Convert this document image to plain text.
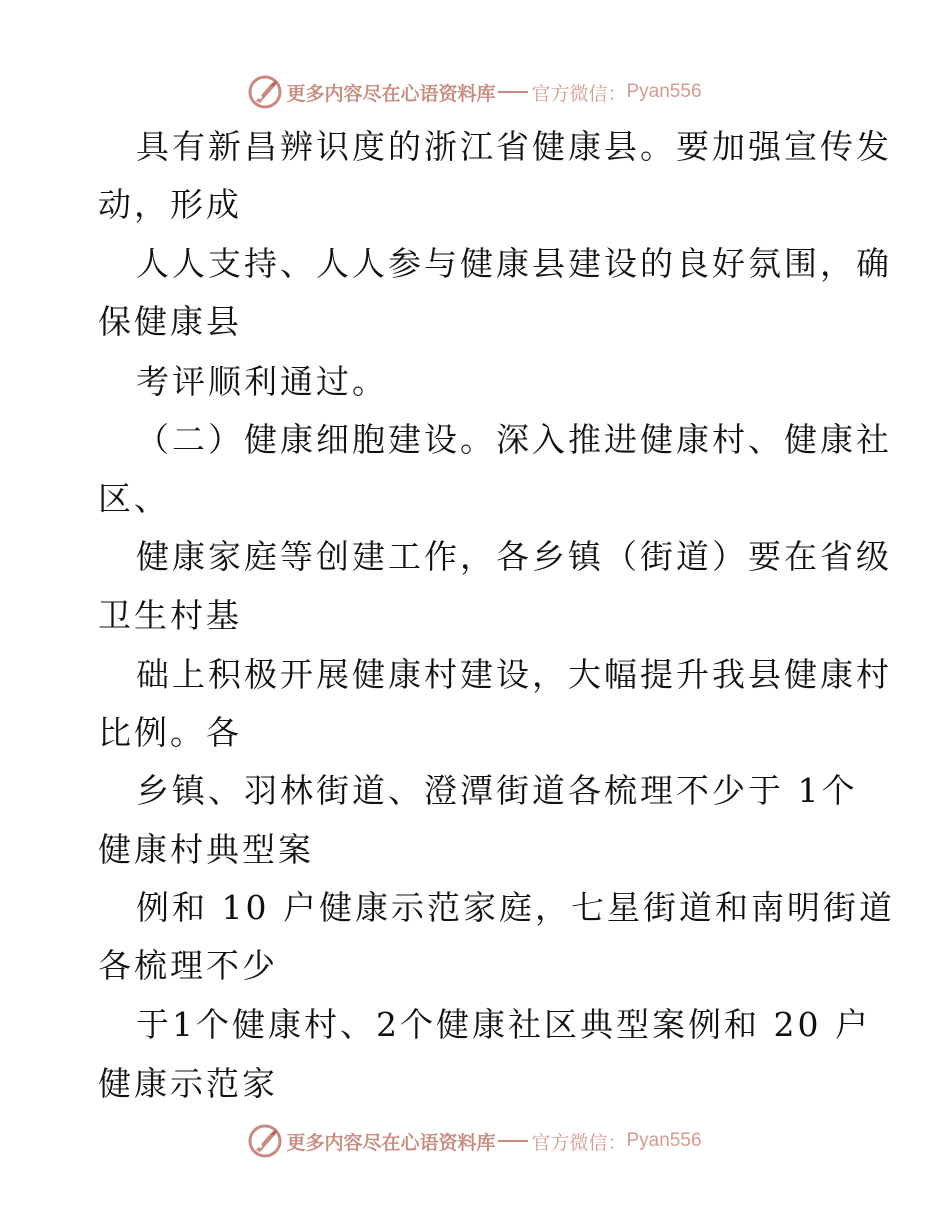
更多内容尽在心语资料库 官方微信： Pyan556
具有新昌辨识度的浙江省健康县。要加强宣传发
动，形成
人人支持、人人参与健康县建设的良好氛围，确
保健康县
考评顺利通过。
（二）健康细胞建设。深入推进健康村、健康社
区、
健康家庭等创建工作，各乡镇（街道）要在省级
卫生村基
础上积极开展健康村建设，大幅提升我县健康村
比例。各
乡镇、羽林街道、澄潭街道各梳理不少于 1个
健康村典型案
例和 10 户健康示范家庭，七星街道和南明街道
各梳理不少
于1个健康村、2个健康社区典型案例和 20 户
健康示范家
更多内容尽在心语资料库 官方微信： Pyan556
